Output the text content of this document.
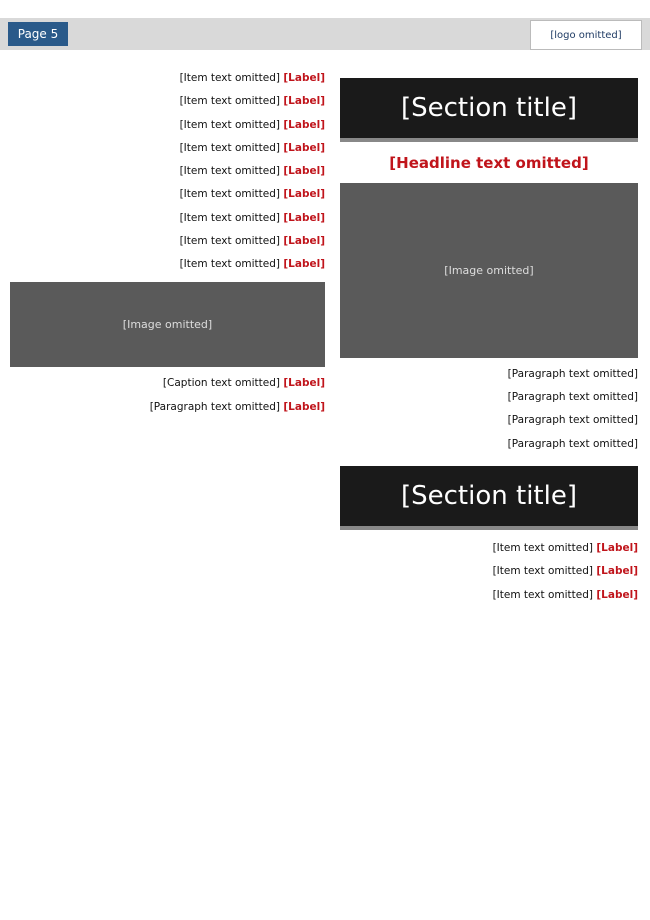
Page 5	[logo omitted]
[Section title]
[Headline text omitted]
[Image omitted]

[Paragraph text omitted]

[Paragraph text omitted]

[Paragraph text omitted]

[Paragraph text omitted]

[Section title]
[Label] [Item text omitted]
[Label] [Item text omitted]
[Label] [Item text omitted]
[Label] [Item text omitted]
[Label] [Item text omitted]
[Label] [Item text omitted]
[Label] [Item text omitted]
[Label] [Item text omitted]
[Label] [Item text omitted]
[Label] [Item text omitted]
[Label] [Item text omitted]
[Label] [Item text omitted]
[Image omitted]
[Label] [Caption text omitted]
[Label] [Paragraph text omitted]
